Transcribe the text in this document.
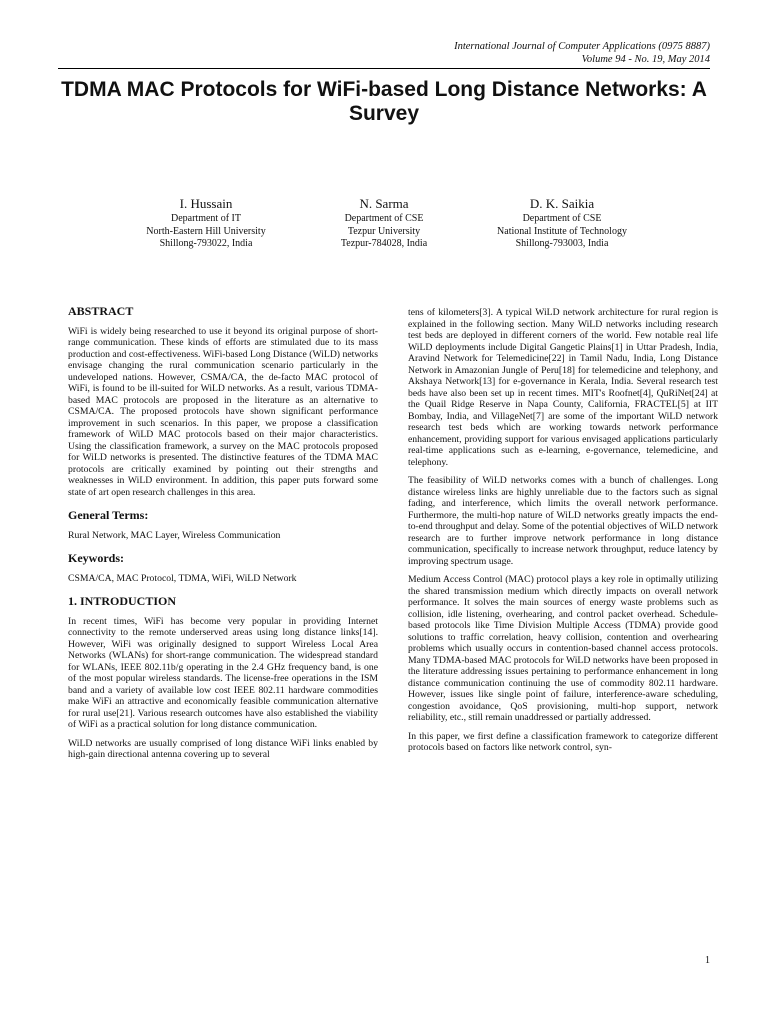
International Journal of Computer Applications (0975 8887)
Volume 94 - No. 19, May 2014
TDMA MAC Protocols for WiFi-based Long Distance Networks: A Survey
I. Hussain
Department of IT
North-Eastern Hill University
Shillong-793022, India
N. Sarma
Department of CSE
Tezpur University
Tezpur-784028, India
D. K. Saikia
Department of CSE
National Institute of Technology
Shillong-793003, India
ABSTRACT

WiFi is widely being researched to use it beyond its original purpose of short-range communication. These kinds of efforts are stimulated due to its mass production and cost-effectiveness. WiFi-based Long Distance (WiLD) networks envisage changing the rural communication scenario particularly in the undeveloped nations. However, CSMA/CA, the de-facto MAC protocol of WiFi, is found to be ill-suited for WiLD networks. As a result, various TDMA-based MAC protocols are proposed in the literature as an alternative to CSMA/CA. The proposed protocols have shown significant performance improvement in such scenarios. In this paper, we propose a classification framework of WiLD MAC protocols based on their major characteristics. Using the classification framework, a survey on the MAC protocols proposed for WiLD networks is presented. The distinctive features of the TDMA MAC protocols are critically examined by pointing out their strengths and weaknesses in WiLD environment. In addition, this paper puts forward some state of art open research challenges in this area.

General Terms:

Rural Network, MAC Layer, Wireless Communication

Keywords:

CSMA/CA, MAC Protocol, TDMA, WiFi, WiLD Network

1. INTRODUCTION

In recent times, WiFi has become very popular in providing Internet connectivity to the remote underserved areas using long distance links[14]. However, WiFi was originally designed to support Wireless Local Area Networks (WLANs) for short-range communication. The widespread standard for WLANs, IEEE 802.11b/g operating in the 2.4 GHz frequency band, is one of the most popular wireless standards. The license-free operations in the ISM band and a variety of available low cost IEEE 802.11 hardware commodities make WiFi an attractive and economically feasible communication alternative for rural use[21]. Various research outcomes have also established the viability of WiFi as a practical solution for long distance communication.

WiLD networks are usually comprised of long distance WiFi links enabled by high-gain directional antenna covering up to several

tens of kilometers[3]. A typical WiLD network architecture for rural region is explained in the following section. Many WiLD networks including research test beds are deployed in different corners of the world. Few notable real life WiLD deployments include Digital Gangetic Plains[1] in Uttar Pradesh, India, Aravind Network for Telemedicine[22] in Tamil Nadu, India, Long Distance Network in Amazonian Jungle of Peru[18] for telemedicine and telephony, and Akshaya Network[13] for e-governance in Kerala, India. Several research test beds have also been set up in recent times. MIT's Roofnet[4], QuRiNet[24] at the Quail Ridge Reserve in Napa County, California, FRACTEL[5] at IIT Bombay, India, and VillageNet[7] are some of the important WiLD network research test beds which are working towards network performance enhancement, providing support for various envisaged applications particularly real-time applications such as e-learning, e-governance, telemedicine, and telephony.

The feasibility of WiLD networks comes with a bunch of challenges. Long distance wireless links are highly unreliable due to the factors such as signal fading, and interference, which limits the overall network performance. Furthermore, the multi-hop nature of WiLD networks greatly impacts the end-to-end throughput and delay. Some of the potential objectives of WiLD network research are to further improve network performance in long distance communication, specifically to increase network throughput, reduce latency by improving spectrum usage.

Medium Access Control (MAC) protocol plays a key role in optimally utilizing the shared transmission medium which directly impacts on overall network performance. It solves the main sources of energy waste problems such as collision, idle listening, overhearing, and control packet overhead. Schedule-based protocols like Time Division Multiple Access (TDMA) provide good solutions to traffic correlation, heavy collision, contention and overhearing problems which usually occurs in contention-based channel access protocols. Many TDMA-based MAC protocols for WiLD networks have been proposed in the literature addressing issues pertaining to performance enhancement in long distance communication continuing the use of commodity 802.11 hardware. However, issues like single point of failure, interference-aware scheduling, congestion avoidance, QoS provisioning, multi-hop support, network reliability, etc., still remain unaddressed or partially addressed.

In this paper, we first define a classification framework to categorize different protocols based on factors like network control, syn-

1
